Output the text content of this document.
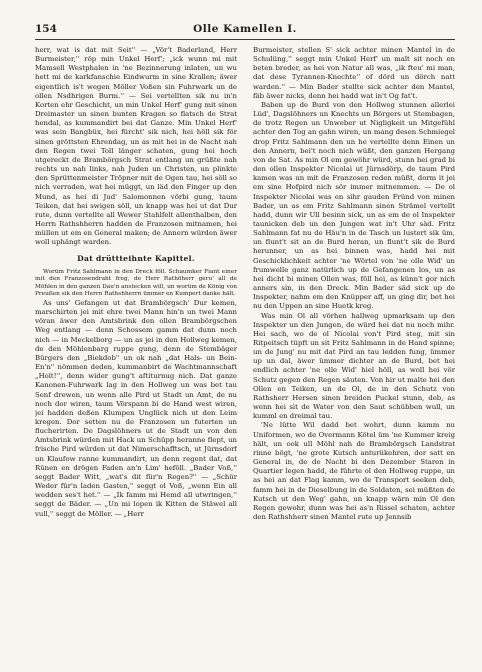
154	Olle Kamellen I.

herr, wat is dat mit Seit'' — „Vör't Baderland, Herr Burmeister,'' röp min Unkel Herf'; „ick wunn mi mit Mamsell Westphalen in 'ne Bezinnerung inlaten, un wu hett mi de karkfanschie Eindwurm in sine Krallen; äwer eigentlich is't wegen Möller Voßen sin Fuhrwark un de ollen Nsdhrigen Burm.'' — Sei vertellten sik nu in'n Korten ehr Geschicht, un min Unkel Herf' gung mit sinen Dreimaster un sinen bunten Kragen so flatsch de Strat hendal, as kummandirt bei dat Ganze. Min Unkel Herf' was sein Bangbüx, hei fürcht' sik nich, hei höll sik för sinen gröttsten Ehrendag, un as mit hei in de Nacht nah den Regen twei Toll länger schaten, gung hei hoch utgereckt de Brambörgsch Strat entlang un grüßte nah rechts un nah links, nah Juden un Christen, un plinkte den Sprüttenmeister Tröpner mit de Ogen tau, hei söll so nich verraden, wat hei müggt, un läd den Finger up den Mund, as hei di Jud' Salomonnen vörbi gung, taum Teiken, dat hei swigen söll, un knapp was hei ut dat Dur rute, dunn vertellte all Wewer Stahlfelt allenthalben, den Herrn Rathshherrn hadden de Franzosen mitnamen, hei müllen ut em en General maken; de Annern würden äwer woll uphängt warden.

Dat drüttteihnte Kapittel.

Worüm Fritz Sahlmann in den Dreck föll. Schaumker Fiant einer mit den Franzosendraht freg, de Herr Rathöherr geru' all de Möhlen in den ganzen Dau'n anstecken will, un worüm de König von Preußen sik den Herrn Rathshherrn ümmer en Kumpert danke hält.

As uns' Gefangen ut dat Brambörgsch' Dur kemen, marschirten jei mit ehre twei Mann hin'n un twei Mann vöran äwer den Amtsbrink den ollen Brambörgschen Weg entlang — denn Schossem gamm dat dunn noch nich — in Meckelborg — un as jei in den Hollweg kemen, de den Möhlenbarg ruppe gung, denn de Stembäger Bürgers den „Biekdob'' un ok nah „dat Hals- un Bein-En'n'' nömmen deden, kummanbirt de Wachtmannschaft „Holt!'', denn wider gung't aftiturnug nich. Dat ganze Kanonen-Fuhrwark lag in den Hollweg un was bet tau Senf drewen, un wenn alle Pird ut Stadt un Amt, de nu noch dor wiren, taum Vörspann bi de Hand west wiren, jei hadden deßen Klumpen Unglück nich ut den Leim kregen. Dor setten nu de Franzosen un futerten un flucherirten. De Dagslöhners ut de Stadt un von den Amtsbrink würden mit Hack un Schüpp heranne flept, un frische Pird würden ut dat Nimerschafftsch, ut Jürnsdorf un Klaufow ranne kummandirt, un denn regent dat, dat Rünen en drögen Faden an'n Lim' heföll. „Bader Voß,'' seggt Bader Witt, „wat's dit für'n Regen?'' — „Schür Weder für'n laden Gasten,'' seggt ol Voß, „wenn Ein all wedden ses't het.'' — „Ik famm mi Hemd all utwringen,'' seggt de Bäder. — „Un mi lopen ik Kitten de Stäwel all vull,'' seggt de Möller. — „Herr

Burmeister, stellen S' sick achter minen Mantel in de Schulüng,'' seggt min Unkel Herf' un malt sit noch en beten breder, as hei von Natur all was, „ik fteu' mi man, dat dese Tyrannen-Knechte'' of dörd un dörch natt warden.'' — Min Bader stellte sick achter den Mantel, fäb äwer nicks, denn hei hadd wat in't Og fat't.

Baben up de Burd von den Hollweg stunnen allerlei Lüd', Dagslöhners un Knechts un Börgers ut Stembagen, de trotz Regen un Unweber ut Nigligkeit un Mitgefühl achter den Tog an gahn wiren, un mang desen Schmiegel drop Fritz Sahlmann den un he vertellte denn Einen un den Annern, bei't noch nich wüßt, den ganzen Hergang von de Sat. As min Ol em gewöhr würd, stunn hei grad bi den ollen Inspekter Nicolai ut Jürnsdörp, de taum Pird kamen was un mit de Franzosen reden müßt, dorm it jei em sine Hofpird nich sör immer mitnemmen. — De ol Inspekter Nicolai was en sihr gauden Fründ von minen Bader, un as em Fritz Sahlmann sinen Strämel vertellt hadd, dunn wir Ull besinn sick, un as em de ol Inspekter taunicken deb un den Jungen wat in't Uhr säd. Fritz Sahlmann fat nu de Häu'n in de Tasch un lustert sik üm, un flunt't sit an de Burd heran, un flunt't sik de Burd herunner, un as hei binnen was, hadd hei mit Geschicklichkeit achter 'ne Wörtel von 'ne olle Wid' un frumwelle ganz natürlich up de Gefangenen los, un as hei dicht bi minen Ollen was, föll hei, as künn't gor nich anners sin, in den Dreck. Min Bader säd sick up de Inspekter, nahm em den Knüpper aff, un ging dir, bet hei nu den Uppen an sine Huetk kreg.

Was min Ol all vörhen hallweg upmarksam up den Inspekter un den Jungen, de würd hei dat nu noch mihr. Hei sach, wo de ol Nicolai von't Pird steg, mit sin Ritpeitsch tüpft un sit Fritz Sahlmann in de Hand spinne; un de Jung' nu mit dat Pird an tau ledden fung, ümmer up un dal, äwer ümmer dichter an de Burd, bet hei endlich achter 'ne olle Wid' hiel höll, as woll hei vör Schutz gegen den Regen säuten. Von hir ut malte hei den Ollen en Teiken, un de Ol, de in den Schutz von Rathsherr Hersen sinen breiden Puckel stunn, deb, as wenn hei sit de Water von den Saut schübben wull, un kumml en dreimal tau.

'Ne lütte Wil dadd bet wohrt, dunn kamm nu Uniformen, wo de Overmann Kötel üm 'ne Kummer kreig hält, un ook ull Möhl nah de Brambörgsch Landstrat rinne bögt, 'ne grote Kutsch anturükehren, dor satt en General in, de de Nacht bi den Dezember Staren in Quartier legen hadd, de führte ol den Hollweg ruppe, un as hei an dat Flag kamm, wo de Transport seeken deb, famm hei in de Dieselbung in de Soldaten, sei müßten de Kutsch ut den Weg' gahn, un knapp wärn min Ol den Regen gewohr, dunn was hei as'n Rissel schaten, achter den Rathshherr sinen Mantel rute up Jennsib
